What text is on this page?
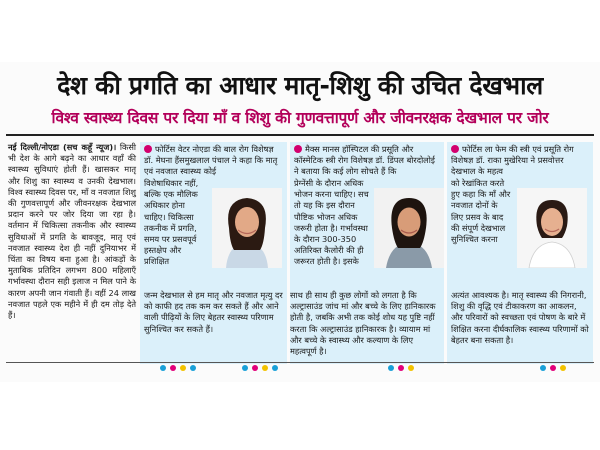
देश की प्रगति का आधार मातृ-शिशु की उचित देखभाल
विश्व स्वास्थ्य दिवस पर दिया माँ व शिशु की गुणवत्तापूर्ण और जीवनरक्षक देखभाल पर जोर

नई दिल्ली/नोएडा (सच कहूँ न्यूज)। किसी भी देश के आगे बढ़ने का आधार वहाँ की स्वास्थ्य सुविधाएं होती हैं। खासकर मातृ और शिशु का स्वास्थ्य व उनकी देखभाल। विश्व स्वास्थ्य दिवस पर, माँ व नवजात शिशु की गुणवत्तापूर्ण और जीवनरक्षक देखभाल प्रदान करने पर जोर दिया जा रहा है। वर्तमान में चिकित्सा तकनीक और स्वास्थ्य सुविधाओं में प्रगति के बावजूद, मातृ एवं नवजात स्वास्थ्य देश ही नहीं दुनियाभर में चिंता का विषय बना हुआ है। आंकड़ों के मुताबिक प्रतिदिन लगभग 800 महिलाएँ गर्भावस्था दौरान सही इलाज न मिल पाने के कारण अपनी जान गंवाती हैं। वहीं 24 लाख नवजात पहले एक महीने में ही दम तोड़ देते हैं।

फोर्टिस वेटर नोएडा की बाल रोग विशेषज्ञ डॉ. मेघना हैंसमुखलाल पंचाल ने कहा कि मातृ एवं नवजात स्वास्थ्य कोई

विशेषाधिकार नहीं, बल्कि एक मौलिक अधिकार होना चाहिए। चिकित्सा तकनीक में प्रगति, समय पर प्रसवपूर्व हस्तक्षेप और प्रशिक्षित

जन्म देखभाल से हम मातृ और नवजात मृत्यु दर को काफी हद तक कम कर सकते हैं और आने वाली पीढ़ियों के लिए बेहतर स्वास्थ्य परिणाम सुनिश्चित कर सकते हैं।

मैक्स मानस हॉस्पिटल की प्रसूति और कॉस्मेटिक स्त्री रोग विशेषज्ञ डॉ. डिंपल बोरदोलोई ने बताया कि कई लोग सोचते हैं कि

प्रेग्नेंसी के दौरान अधिक भोजन करना चाहिए। सच तो यह कि इस दौरान पौष्टिक भोजन अधिक जरूरी होता है। गर्भावस्था के दौरान 300-350 अतिरिक्त कैलोरी की ही जरूरत होती है। इसके

साथ ही साथ ही कुछ लोगों को लगता है कि अल्ट्रासाउंड जांच मां और बच्चे के लिए हानिकारक होती है, जबकि अभी तक कोई शोध यह पुष्टि नहीं करता कि अल्ट्रासाउंड हानिकारक है। व्यायाम मां और बच्चे के स्वास्थ्य और कल्याण के लिए महत्वपूर्ण है।

फोर्टिस ला फेम की स्त्री एवं प्रसूति रोग विशेषज्ञ डॉ. राका मुखेरिया ने प्रसवोत्तर देखभाल के महत्व

को रेखांकित करते हुए कहा कि माँ और नवजात दोनों के लिए प्रसव के बाद की संपूर्ण देखभाल सुनिश्चित करना

अत्यंत आवश्यक है। मातृ स्वास्थ्य की निगरानी, शिशु की वृद्धि एवं टीकाकरण का आकलन, और परिवारों को स्वच्छता एवं पोषण के बारे में शिक्षित करना दीर्घकालिक स्वास्थ्य परिणामों को बेहतर बना सकता है।
